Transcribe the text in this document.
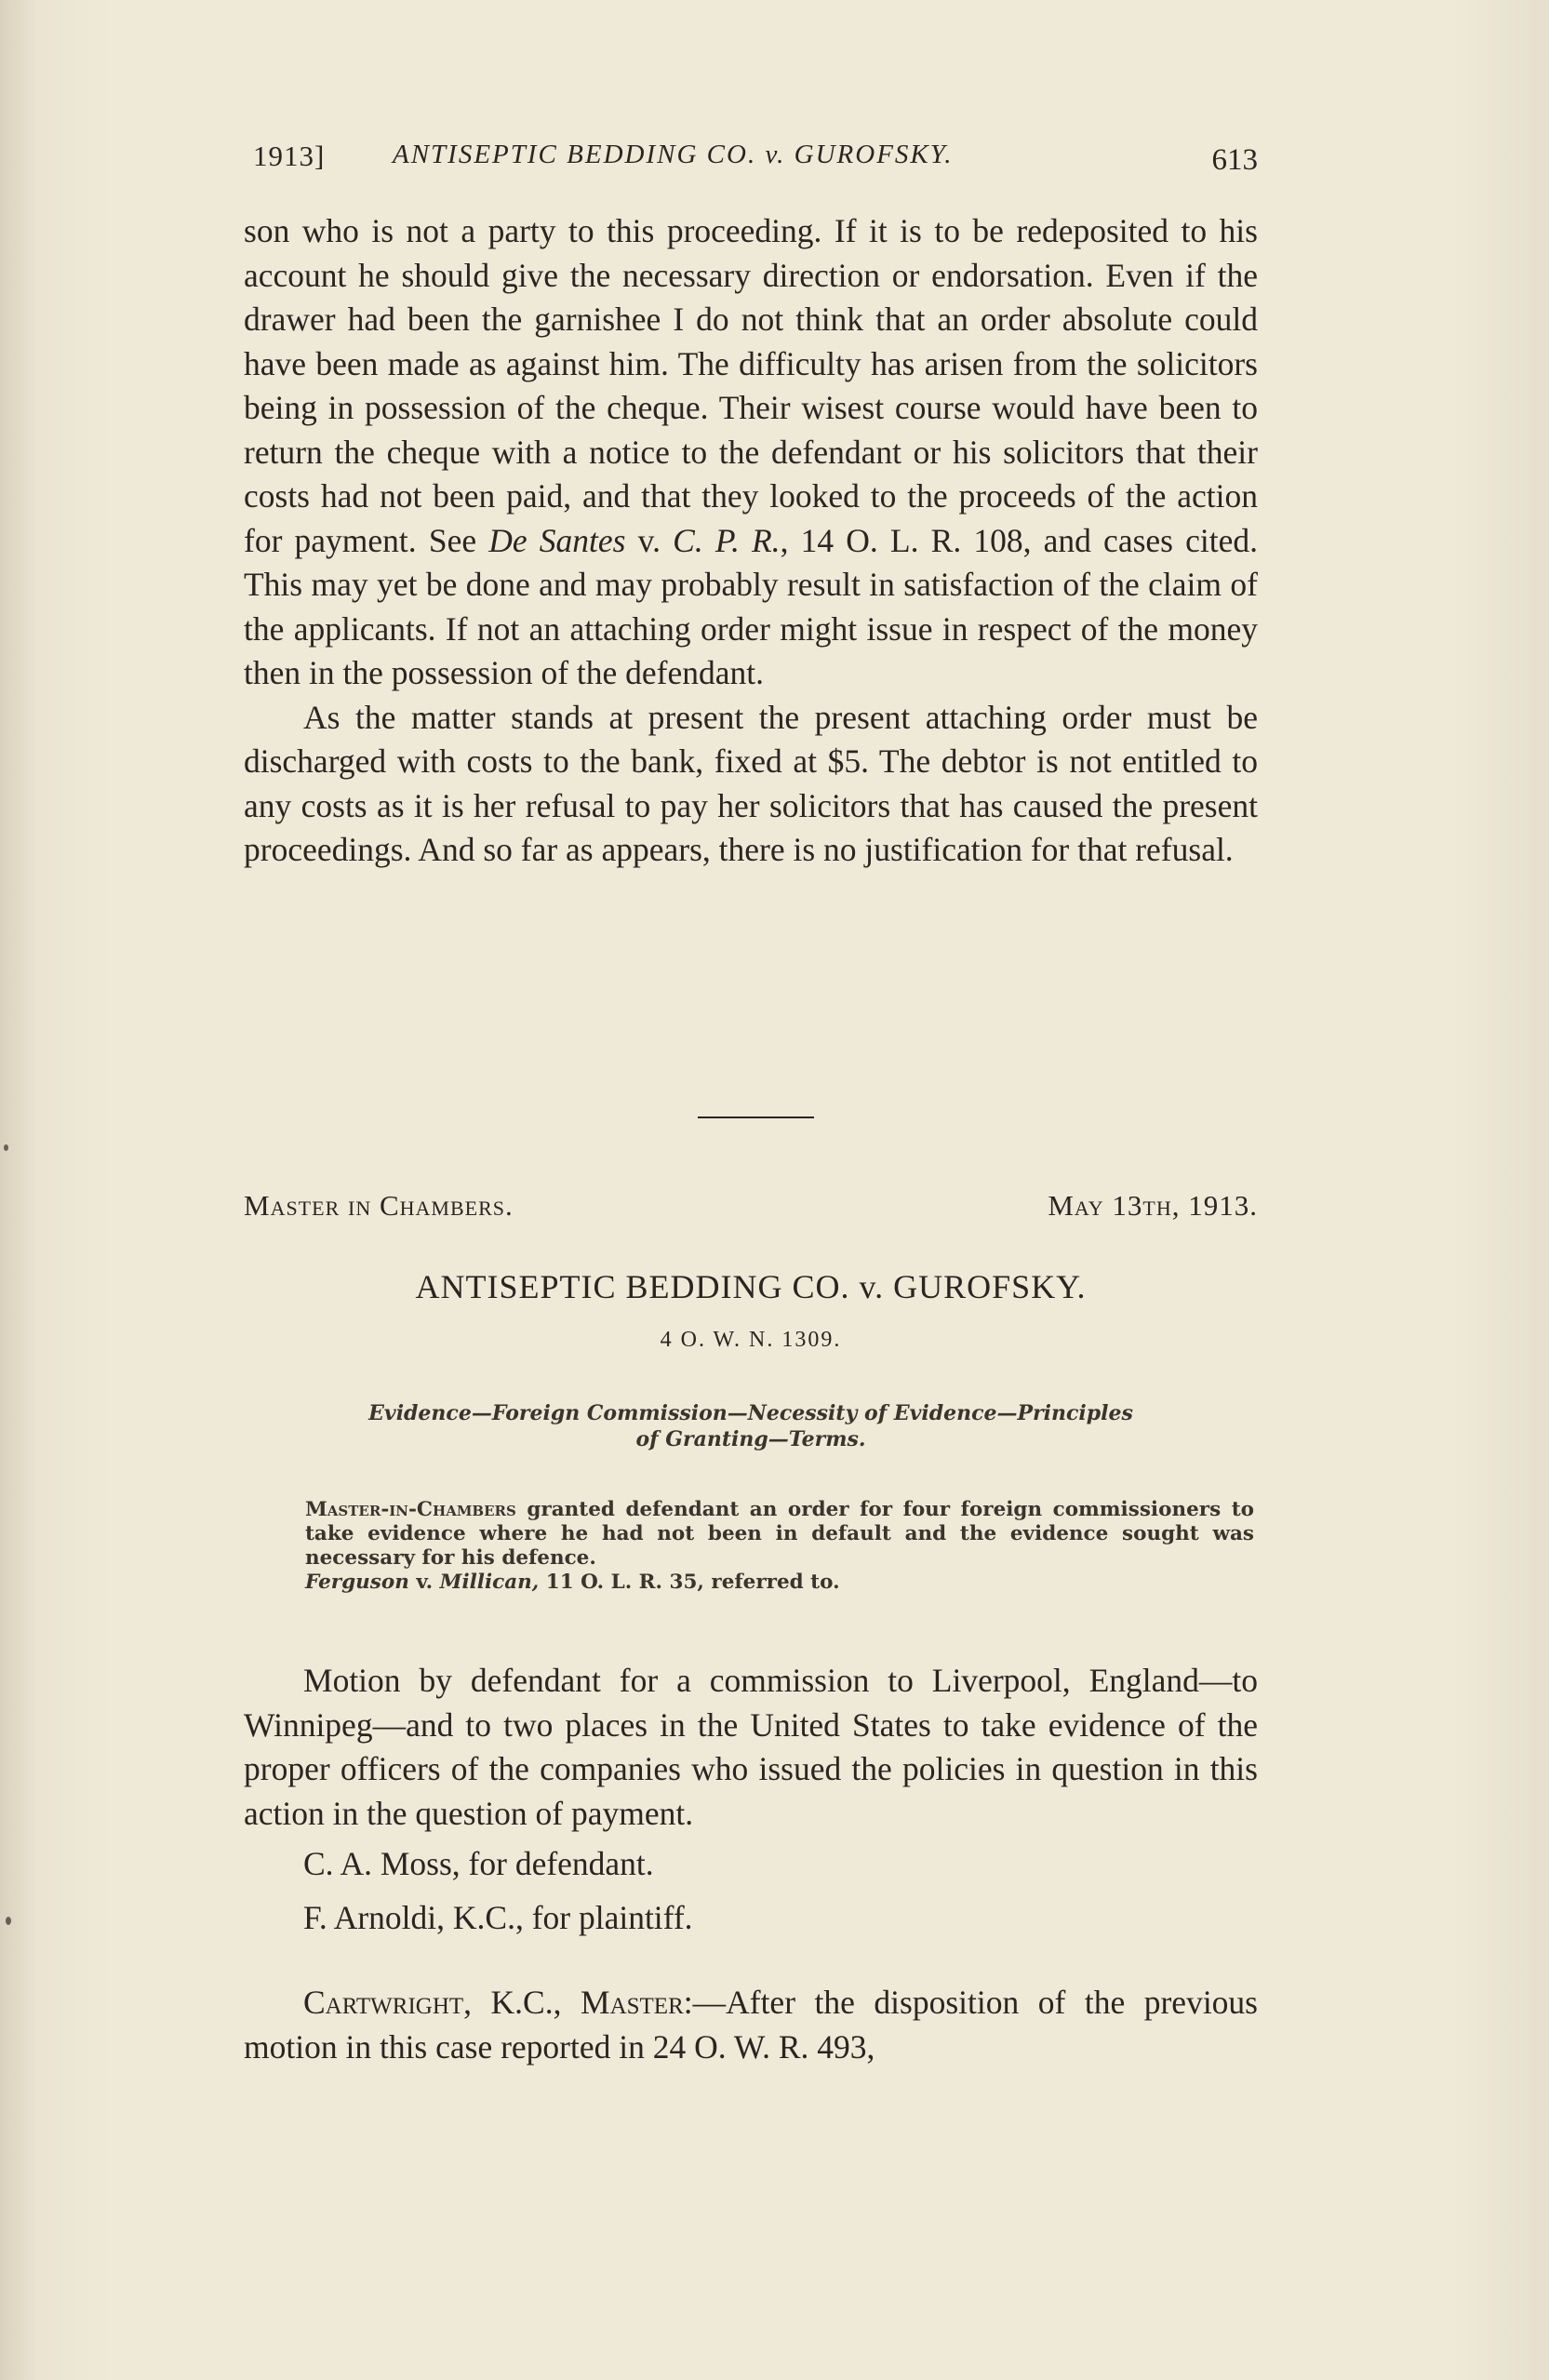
1913]	ANTISEPTIC BEDDING CO. v. GUROFSKY.	613

son who is not a party to this proceeding. If it is to be redeposited to his account he should give the necessary direction or endorsation. Even if the drawer had been the garnishee I do not think that an order absolute could have been made as against him. The difficulty has arisen from the solicitors being in possession of the cheque. Their wisest course would have been to return the cheque with a notice to the defendant or his solicitors that their costs had not been paid, and that they looked to the proceeds of the action for payment. See De Santes v. C. P. R., 14 O. L. R. 108, and cases cited. This may yet be done and may probably result in satisfaction of the claim of the applicants. If not an attaching order might issue in respect of the money then in the possession of the defendant.

As the matter stands at present the present attaching order must be discharged with costs to the bank, fixed at $5. The debtor is not entitled to any costs as it is her refusal to pay her solicitors that has caused the present proceedings. And so far as appears, there is no justification for that refusal.

Master in Chambers.	May 13th, 1913.
ANTISEPTIC BEDDING CO. v. GUROFSKY.
4 O. W. N. 1309.
Evidence—Foreign Commission—Necessity of Evidence—Principles
of Granting—Terms.

Master-in-Chambers granted defendant an order for four foreign commissioners to take evidence where he had not been in default and the evidence sought was necessary for his defence.

Ferguson v. Millican, 11 O. L. R. 35, referred to.

Motion by defendant for a commission to Liverpool, England—to Winnipeg—and to two places in the United States to take evidence of the proper officers of the companies who issued the policies in question in this action in the question of payment.

C. A. Moss, for defendant.

F. Arnoldi, K.C., for plaintiff.

Cartwright, K.C., Master:—After the disposition of the previous motion in this case reported in 24 O. W. R. 493,
